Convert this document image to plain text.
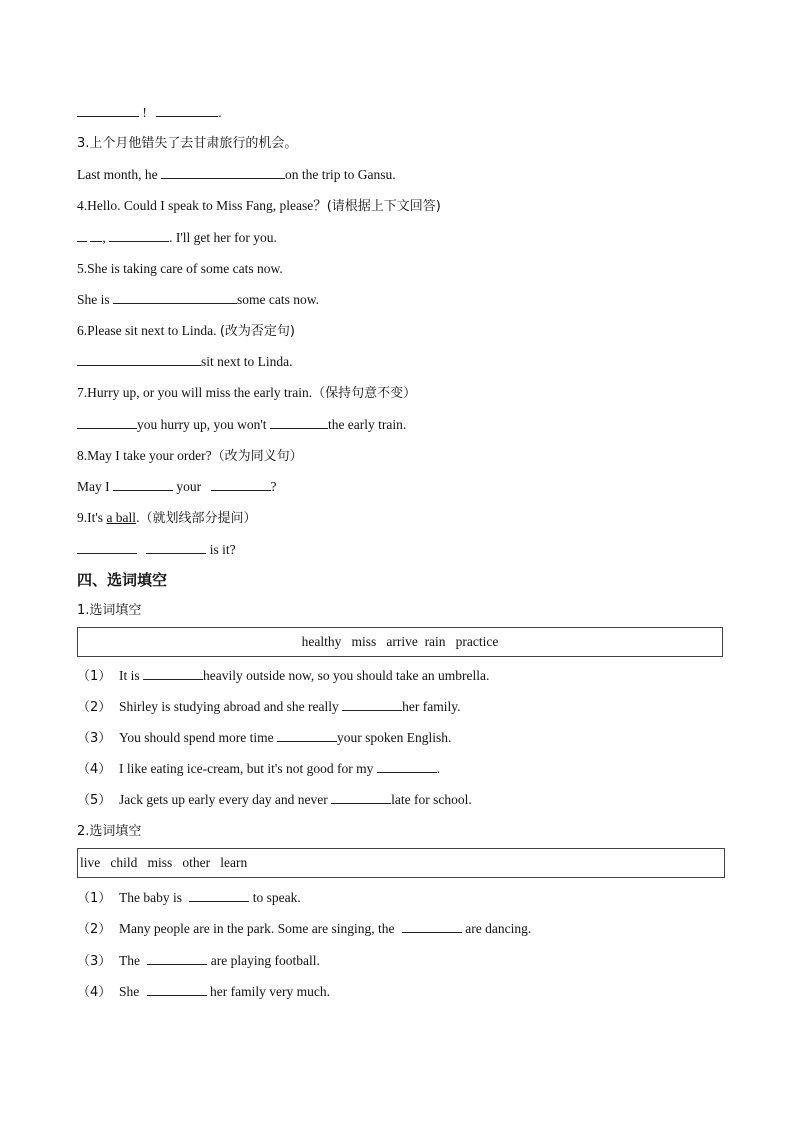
!	.
3.上个月他错失了去甘肃旅行的机会。
Last month, he	on the trip to Gansu.
4.Hello. Could I speak to Miss Fang, please？(请根据上下文回答)
,	. I'll get her for you.
5.She is taking care of some cats now.
She is	some cats now.
6.Please sit next to Linda. (改为否定句)
sit next to Linda.
7.Hurry up, or you will miss the early train.（保持句意不变）
you hurry up, you won't	the early train.
8.May I take your order?（改为同义句）
May I	your	?
9.It's a ball.（就划线部分提问）
is it?
四、选词填空
1.选词填空
healthy   miss   arrive  rain   practice
（1） It is	heavily outside now, so you should take an umbrella.
（2） Shirley is studying abroad and she really	her family.
（3） You should spend more time	your spoken English.
（4） I like eating ice-cream, but it's not good for my	.
（5） Jack gets up early every day and never	late for school.
2.选词填空
live   child   miss   other   learn
（1） The baby is	to speak.
（2） Many people are in the park. Some are singing, the	are dancing.
（3） The	are playing football.
（4） She	her family very much.
